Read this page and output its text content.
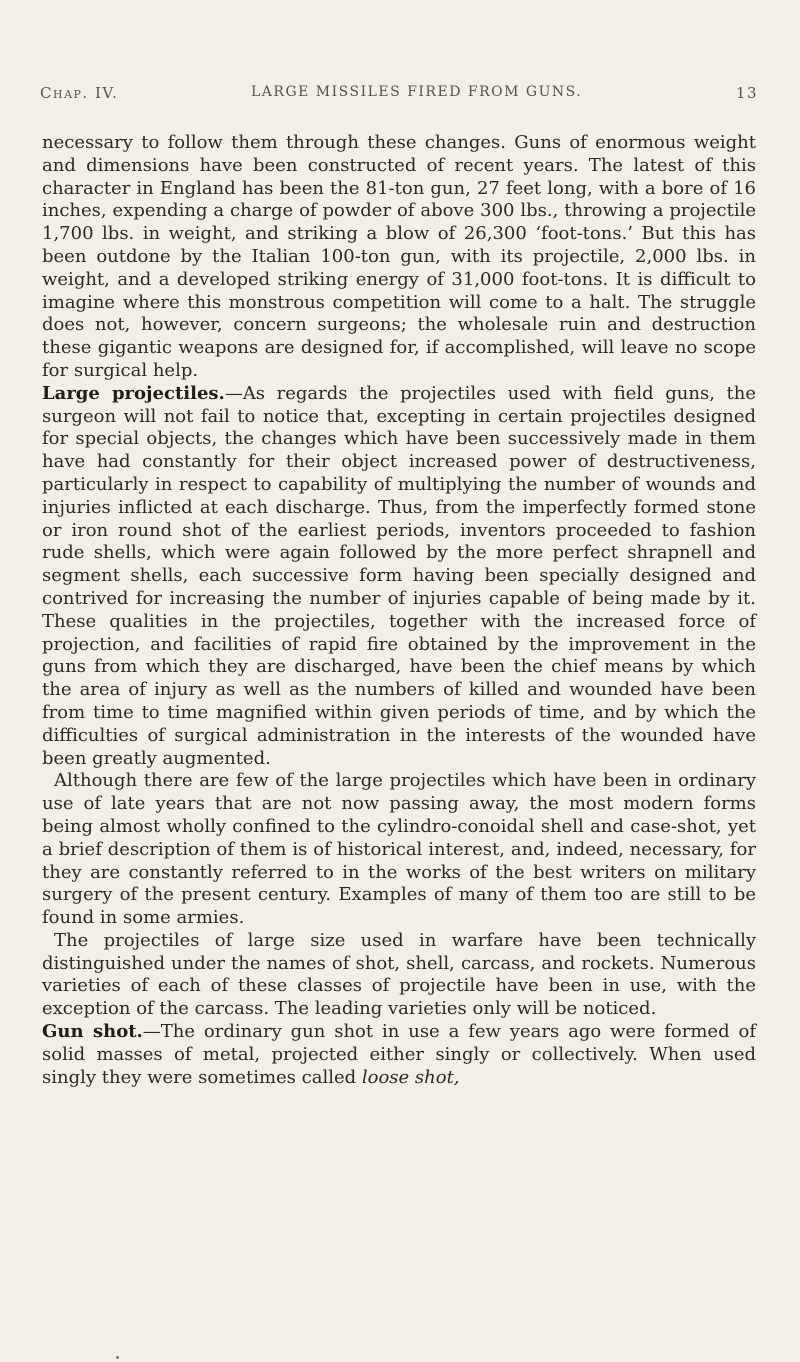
Chap. IV.	LARGE MISSILES FIRED FROM GUNS.	13

necessary to follow them through these changes. Guns of enormous weight and dimensions have been constructed of recent years. The latest of this character in England has been the 81-ton gun, 27 feet long, with a bore of 16 inches, expending a charge of powder of above 300 lbs., throwing a projectile 1,700 lbs. in weight, and striking a blow of 26,300 ‘foot-tons.’ But this has been outdone by the Italian 100-ton gun, with its projectile, 2,000 lbs. in weight, and a developed striking energy of 31,000 foot-tons. It is difficult to imagine where this monstrous competition will come to a halt. The struggle does not, however, concern surgeons; the wholesale ruin and destruction these gigantic weapons are designed for, if accomplished, will leave no scope for surgical help.

Large projectiles.—As regards the projectiles used with field guns, the surgeon will not fail to notice that, excepting in certain projectiles designed for special objects, the changes which have been successively made in them have had constantly for their object increased power of destructiveness, particularly in respect to capability of multiplying the number of wounds and injuries inflicted at each discharge. Thus, from the imperfectly formed stone or iron round shot of the earliest periods, inventors proceeded to fashion rude shells, which were again followed by the more perfect shrapnell and segment shells, each successive form having been specially designed and contrived for increasing the number of injuries capable of being made by it. These qualities in the projectiles, together with the increased force of projection, and facilities of rapid fire obtained by the improvement in the guns from which they are discharged, have been the chief means by which the area of injury as well as the numbers of killed and wounded have been from time to time magnified within given periods of time, and by which the difficulties of surgical administration in the interests of the wounded have been greatly augmented.

Although there are few of the large projectiles which have been in ordinary use of late years that are not now passing away, the most modern forms being almost wholly confined to the cylindro-conoidal shell and case-shot, yet a brief description of them is of historical interest, and, indeed, necessary, for they are constantly referred to in the works of the best writers on military surgery of the present century. Examples of many of them too are still to be found in some armies.

The projectiles of large size used in warfare have been technically distinguished under the names of shot, shell, carcass, and rockets. Numerous varieties of each of these classes of projectile have been in use, with the exception of the carcass. The leading varieties only will be noticed.

Gun shot.—The ordinary gun shot in use a few years ago were formed of solid masses of metal, projected either singly or collectively. When used singly they were sometimes called loose shot,
